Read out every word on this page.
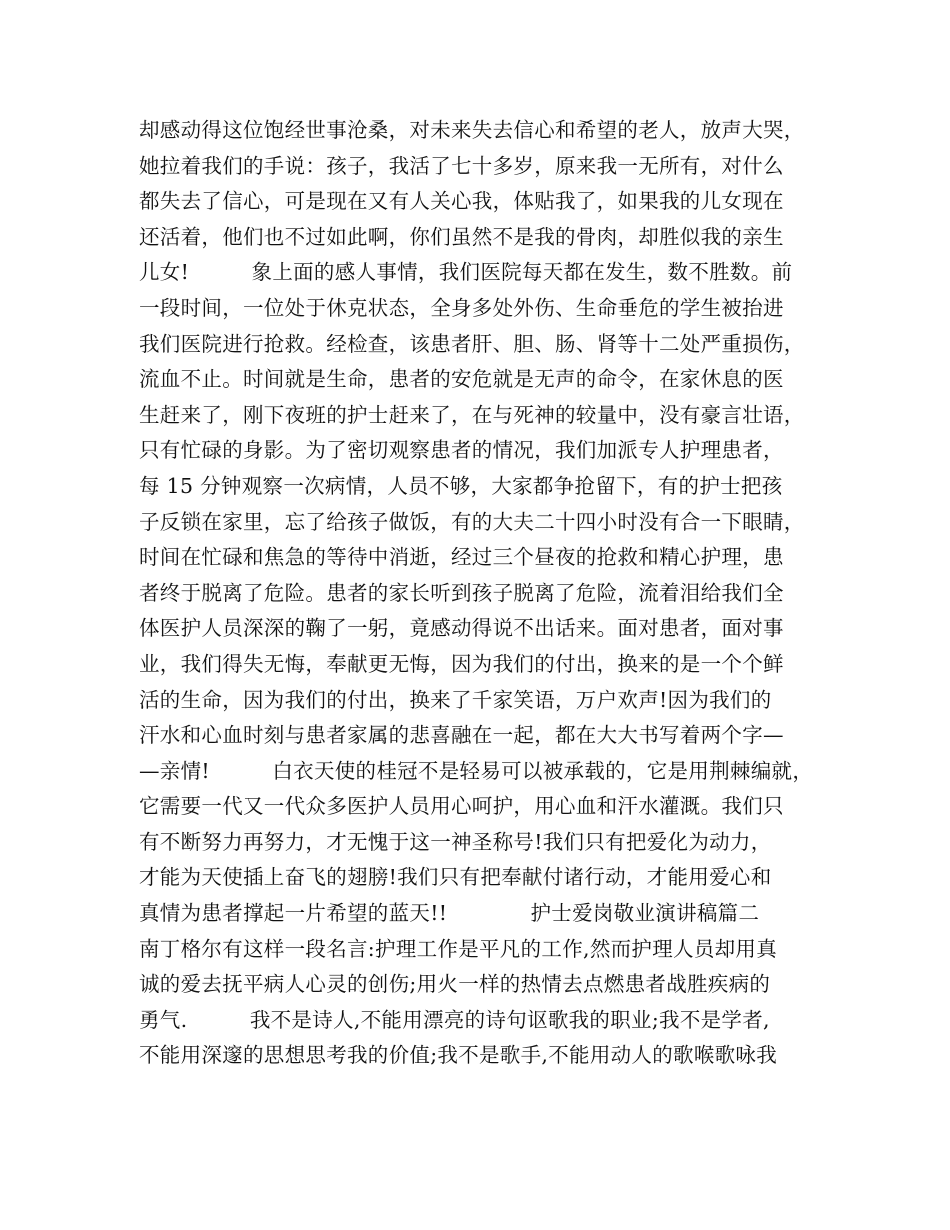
却感动得这位饱经世事沧桑，对未来失去信心和希望的老人，放声大哭，
她拉着我们的手说：孩子，我活了七十多岁，原来我一无所有，对什么
都失去了信心，可是现在又有人关心我，体贴我了，如果我的儿女现在
还活着，他们也不过如此啊，你们虽然不是我的骨肉，却胜似我的亲生
儿女!　　　象上面的感人事情，我们医院每天都在发生，数不胜数。前
一段时间，一位处于休克状态，全身多处外伤、生命垂危的学生被抬进
我们医院进行抢救。经检查，该患者肝、胆、肠、肾等十二处严重损伤，
流血不止。时间就是生命，患者的安危就是无声的命令，在家休息的医
生赶来了，刚下夜班的护士赶来了，在与死神的较量中，没有豪言壮语，
只有忙碌的身影。为了密切观察患者的情况，我们加派专人护理患者，
每 15 分钟观察一次病情，人员不够，大家都争抢留下，有的护士把孩
子反锁在家里，忘了给孩子做饭，有的大夫二十四小时没有合一下眼睛，
时间在忙碌和焦急的等待中消逝，经过三个昼夜的抢救和精心护理，患
者终于脱离了危险。患者的家长听到孩子脱离了危险，流着泪给我们全
体医护人员深深的鞠了一躬，竟感动得说不出话来。面对患者，面对事
业，我们得失无悔，奉献更无悔，因为我们的付出，换来的是一个个鲜
活的生命，因为我们的付出，换来了千家笑语，万户欢声!因为我们的
汗水和心血时刻与患者家属的悲喜融在一起，都在大大书写着两个字—
—亲情!　　　白衣天使的桂冠不是轻易可以被承载的，它是用荆棘编就，
它需要一代又一代众多医护人员用心呵护，用心血和汗水灌溉。我们只
有不断努力再努力，才无愧于这一神圣称号!我们只有把爱化为动力，
才能为天使插上奋飞的翅膀!我们只有把奉献付诸行动，才能用爱心和
真情为患者撑起一片希望的蓝天!!　　　　护士爱岗敬业演讲稿篇二
南丁格尔有这样一段名言:护理工作是平凡的工作,然而护理人员却用真
诚的爱去抚平病人心灵的创伤;用火一样的热情去点燃患者战胜疾病的
勇气.　　　我不是诗人,不能用漂亮的诗句讴歌我的职业;我不是学者,
不能用深邃的思想思考我的价值;我不是歌手,不能用动人的歌喉歌咏我
